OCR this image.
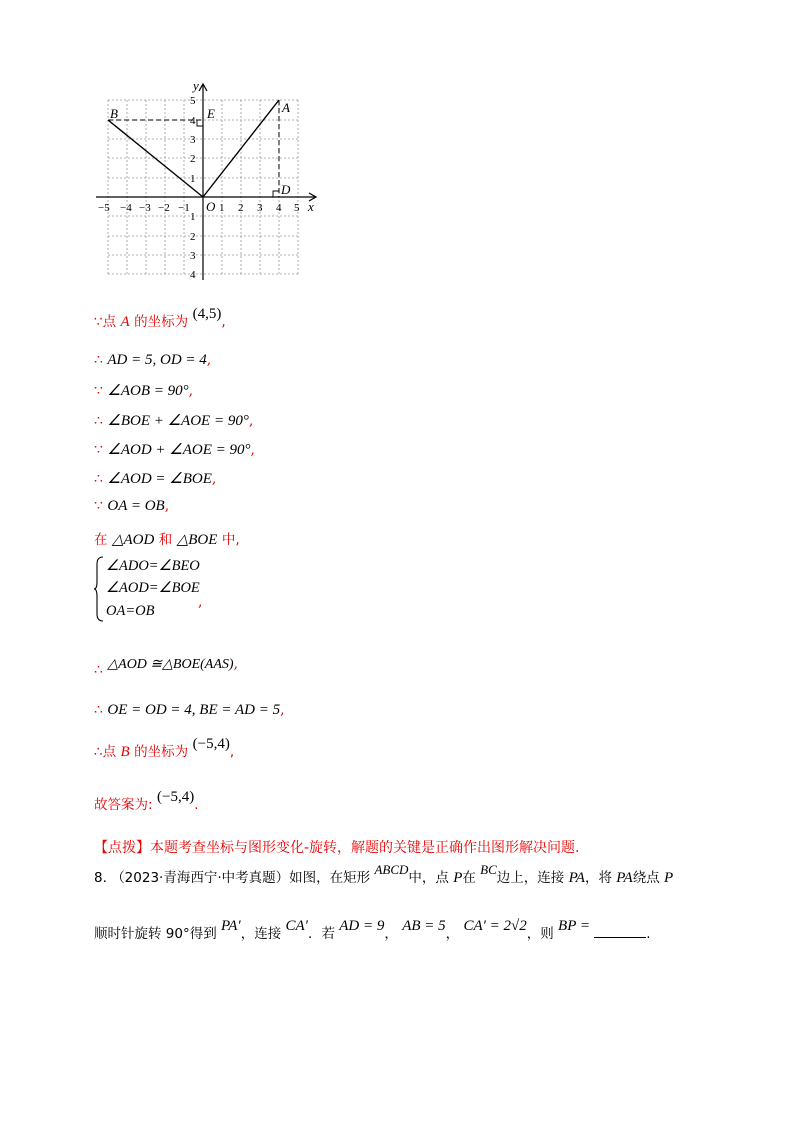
−5 −4 −3 −2 −1	1 2 3 4 5
5
4
3
2
1
1
2
3
4
x
y
O
A
B	E
D
∵点 A 的坐标为 (4,5),
∴ AD = 5, OD = 4,
∵ ∠AOB = 90°,
∴ ∠BOE + ∠AOE = 90°,
∵ ∠AOD + ∠AOE = 90°,
∴ ∠AOD = ∠BOE,
∵ OA = OB,
在 △AOD 和 △BOE 中,
∠ADO=∠BEO
∠AOD=∠BOE
OA=OB
,
∴ △AOD ≅△BOE(AAS),
∴ OE = OD = 4, BE = AD = 5,
∴点 B 的坐标为 (−5,4),
故答案为: (−5,4).
【点拨】本题考查坐标与图形变化-旋转，解题的关键是正确作出图形解决问题.
8. （2023·青海西宁·中考真题）如图，在矩形 ABCD中，点 P在 BC边上，连接 PA，将 PA绕点 P
顺时针旋转 90°得到 PA′，连接 CA′．若 AD = 9， AB = 5， CA′ = 2√2，则 BP =	.
